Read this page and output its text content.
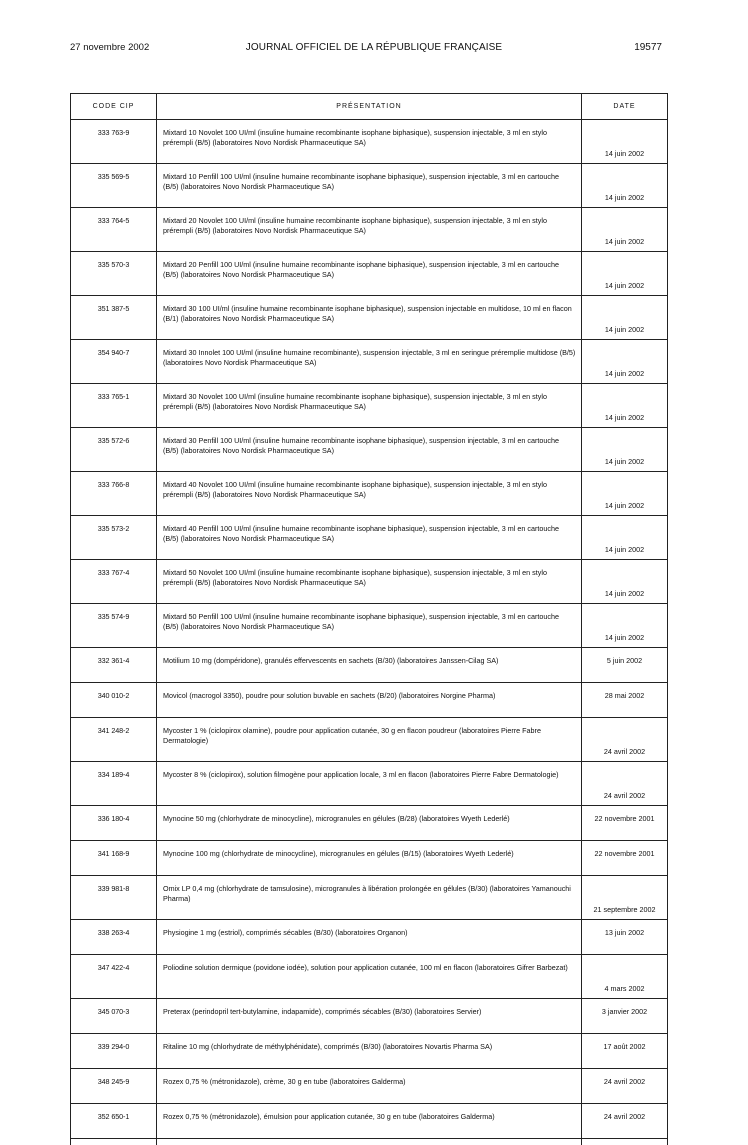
27 novembre 2002	JOURNAL OFFICIEL DE LA RÉPUBLIQUE FRANÇAISE	19577
CODE CIP	PRÉSENTATION	DATE
333 763-9	Mixtard 10 Novolet 100 UI/ml (insuline humaine recombinante isophane biphasique), suspension injectable, 3 ml en stylo prérempli (B/5) (laboratoires Novo Nordisk Pharmaceutique SA)	14 juin 2002
335 569-5	Mixtard 10 Penfill 100 UI/ml (insuline humaine recombinante isophane biphasique), suspension injectable, 3 ml en cartouche (B/5) (laboratoires Novo Nordisk Pharmaceutique SA)	14 juin 2002
333 764-5	Mixtard 20 Novolet 100 UI/ml (insuline humaine recombinante isophane biphasique), suspension injectable, 3 ml en stylo prérempli (B/5) (laboratoires Novo Nordisk Pharmaceutique SA)	14 juin 2002
335 570-3	Mixtard 20 Penfill 100 UI/ml (insuline humaine recombinante isophane biphasique), suspension injectable, 3 ml en cartouche (B/5) (laboratoires Novo Nordisk Pharmaceutique SA)	14 juin 2002
351 387-5	Mixtard 30 100 UI/ml (insuline humaine recombinante isophane biphasique), suspension injectable en multidose, 10 ml en flacon (B/1) (laboratoires Novo Nordisk Pharmaceutique SA)	14 juin 2002
354 940-7	Mixtard 30 Innolet 100 UI/ml (insuline humaine recombinante), suspension injectable, 3 ml en seringue préremplie multidose (B/5) (laboratoires Novo Nordisk Pharmaceutique SA)	14 juin 2002
333 765-1	Mixtard 30 Novolet 100 UI/ml (insuline humaine recombinante isophane biphasique), suspension injectable, 3 ml en stylo prérempli (B/5) (laboratoires Novo Nordisk Pharmaceutique SA)	14 juin 2002
335 572-6	Mixtard 30 Penfill 100 UI/ml (insuline humaine recombinante isophane biphasique), suspension injectable, 3 ml en cartouche (B/5) (laboratoires Novo Nordisk Pharmaceutique SA)	14 juin 2002
333 766-8	Mixtard 40 Novolet 100 UI/ml (insuline humaine recombinante isophane biphasique), suspension injectable, 3 ml en stylo prérempli (B/5) (laboratoires Novo Nordisk Pharmaceutique SA)	14 juin 2002
335 573-2	Mixtard 40 Penfill 100 UI/ml (insuline humaine recombinante isophane biphasique), suspension injectable, 3 ml en cartouche (B/5) (laboratoires Novo Nordisk Pharmaceutique SA)	14 juin 2002
333 767-4	Mixtard 50 Novolet 100 UI/ml (insuline humaine recombinante isophane biphasique), suspension injectable, 3 ml en stylo prérempli (B/5) (laboratoires Novo Nordisk Pharmaceutique SA)	14 juin 2002
335 574-9	Mixtard 50 Penfill 100 UI/ml (insuline humaine recombinante isophane biphasique), suspension injectable, 3 ml en cartouche (B/5) (laboratoires Novo Nordisk Pharmaceutique SA)	14 juin 2002
332 361-4	Motilium 10 mg (dompéridone), granulés effervescents en sachets (B/30) (laboratoires Janssen-Cilag SA)	5 juin 2002
340 010-2	Movicol (macrogol 3350), poudre pour solution buvable en sachets (B/20) (laboratoires Norgine Pharma)	28 mai 2002
341 248-2	Mycoster 1 % (ciclopirox olamine), poudre pour application cutanée, 30 g en flacon poudreur (laboratoires Pierre Fabre Dermatologie)	24 avril 2002
334 189-4	Mycoster 8 % (ciclopirox), solution filmogène pour application locale, 3 ml en flacon (laboratoires Pierre Fabre Dermatologie)	24 avril 2002
336 180-4	Mynocine 50 mg (chlorhydrate de minocycline), microgranules en gélules (B/28) (laboratoires Wyeth Lederlé)	22 novembre 2001
341 168-9	Mynocine 100 mg (chlorhydrate de minocycline), microgranules en gélules (B/15) (laboratoires Wyeth Lederlé)	22 novembre 2001
339 981-8	Omix LP 0,4 mg (chlorhydrate de tamsulosine), microgranules à libération prolongée en gélules (B/30) (laboratoires Yamanouchi Pharma)	21 septembre 2002
338 263-4	Physiogine 1 mg (estriol), comprimés sécables (B/30) (laboratoires Organon)	13 juin 2002
347 422-4	Poliodine solution dermique (povidone iodée), solution pour application cutanée, 100 ml en flacon (laboratoires Gifrer Barbezat)	4 mars 2002
345 070-3	Preterax (perindopril tert-butylamine, indapamide), comprimés sécables (B/30) (laboratoires Servier)	3 janvier 2002
339 294-0	Ritaline 10 mg (chlorhydrate de méthylphénidate), comprimés (B/30) (laboratoires Novartis Pharma SA)	17 août 2002
348 245-9	Rozex 0,75 % (métronidazole), crème, 30 g en tube (laboratoires Galderma)	24 avril 2002
352 650-1	Rozex 0,75 % (métronidazole), émulsion pour application cutanée, 30 g en tube (laboratoires Galderma)	24 avril 2002
